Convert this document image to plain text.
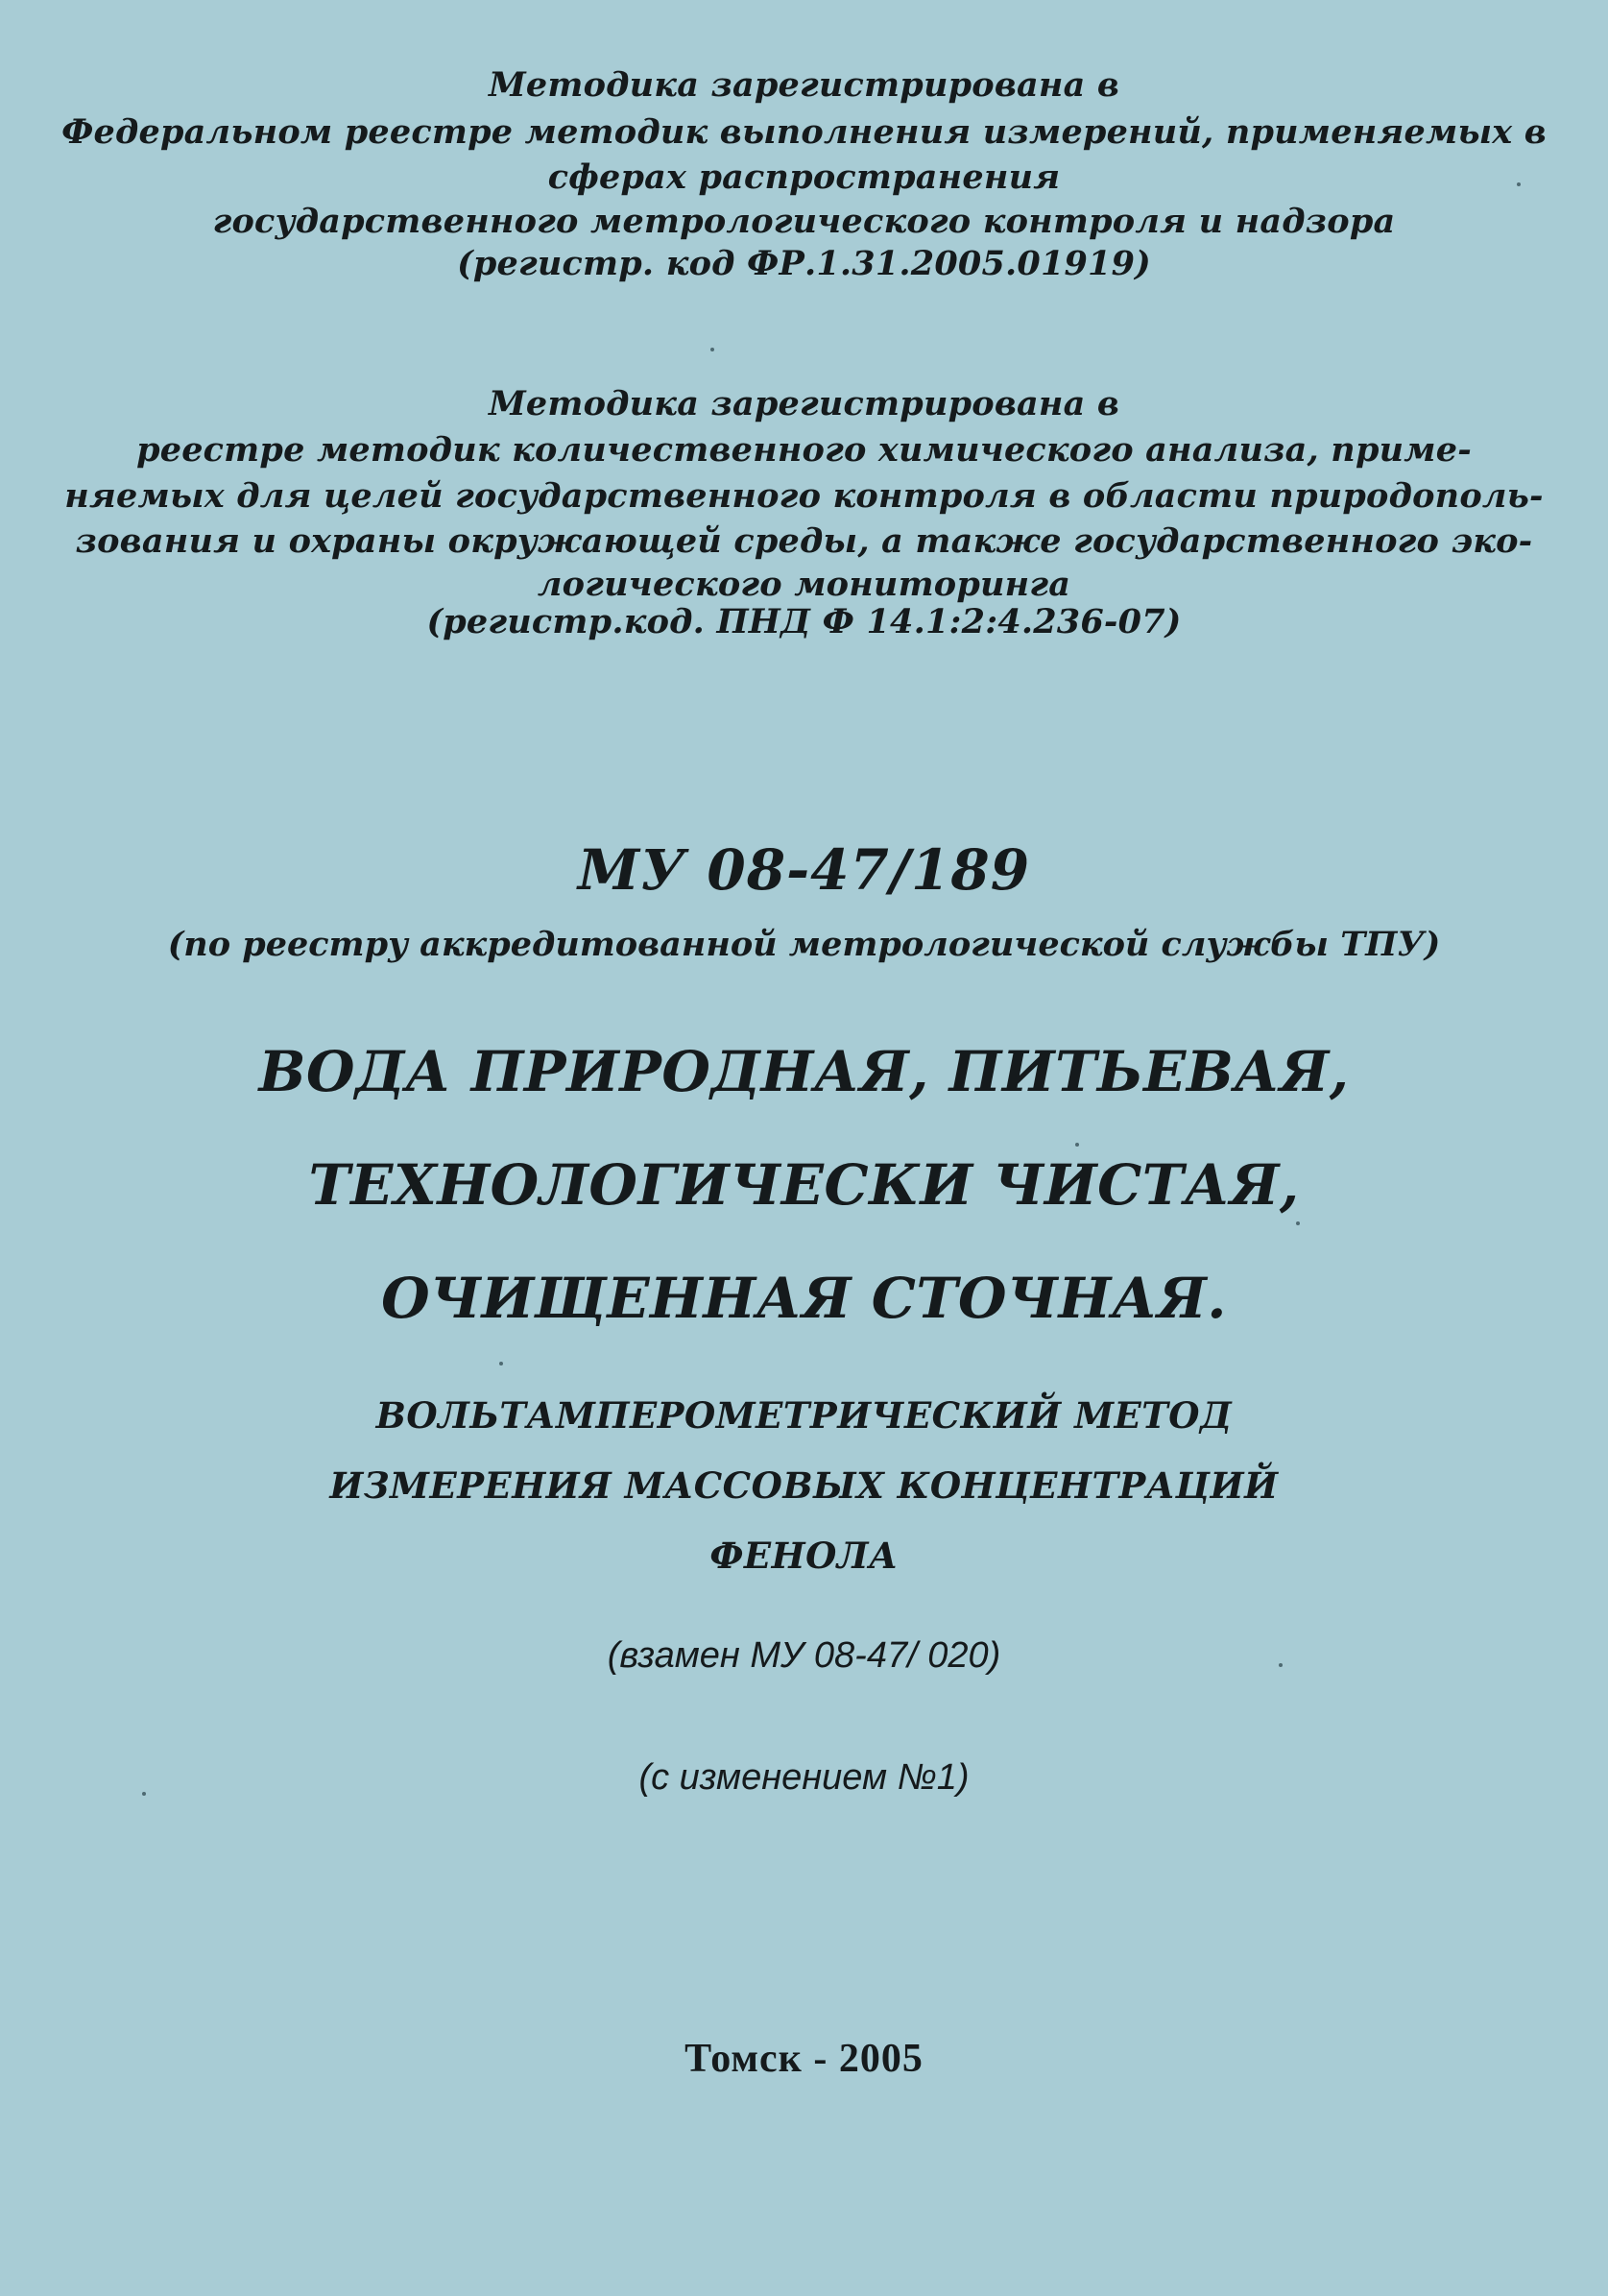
Методика зарегистрирована в
Федеральном реестре методик выполнения измерений, применяемых в
сферах распространения
государственного метрологического контроля и надзора
(регистр. код ФР.1.31.2005.01919)
Методика зарегистрирована в
реестре методик количественного химического анализа, приме-
няемых для целей государственного контроля в области природополь-
зования и охраны окружающей среды, а также государственного эко-
логического мониторинга
(регистр.код. ПНД Ф 14.1:2:4.236-07)
МУ 08-47/189
(по реестру аккредитованной метрологической службы ТПУ)
ВОДА ПРИРОДНАЯ, ПИТЬЕВАЯ,
ТЕХНОЛОГИЧЕСКИ ЧИСТАЯ,
ОЧИЩЕННАЯ СТОЧНАЯ.
ВОЛЬТАМПЕРОМЕТРИЧЕСКИЙ МЕТОД
ИЗМЕРЕНИЯ МАССОВЫХ КОНЦЕНТРАЦИЙ
ФЕНОЛА
(взамен МУ 08-47/ 020)
(с изменением №1)
Томск - 2005
